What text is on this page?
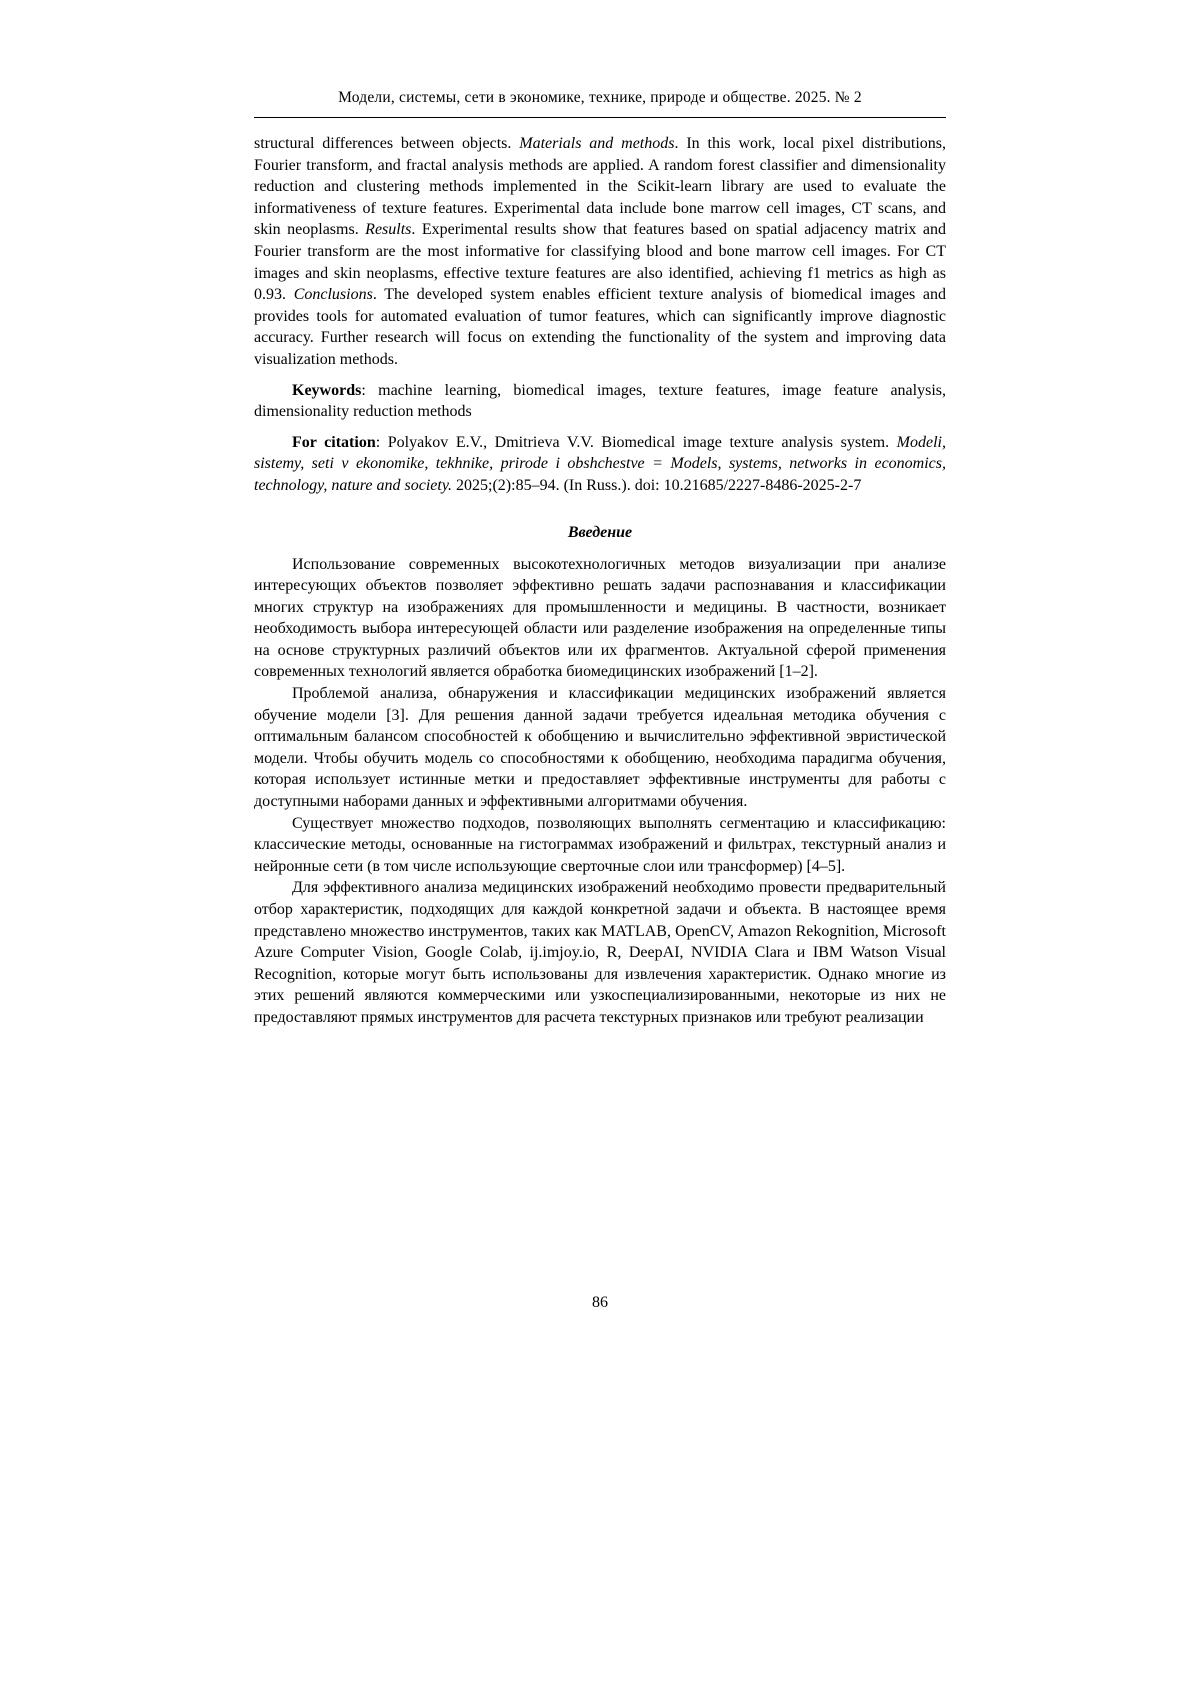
Модели, системы, сети в экономике, технике, природе и обществе. 2025. № 2

structural differences between objects. Materials and methods. In this work, local pixel distributions, Fourier transform, and fractal analysis methods are applied. A random forest classifier and dimensionality reduction and clustering methods implemented in the Scikit-learn library are used to evaluate the informativeness of texture features. Experimental data include bone marrow cell images, CT scans, and skin neoplasms. Results. Experimental results show that features based on spatial adjacency matrix and Fourier transform are the most informative for classifying blood and bone marrow cell images. For CT images and skin neoplasms, effective texture features are also identified, achieving f1 metrics as high as 0.93. Conclusions. The developed system enables efficient texture analysis of biomedical images and provides tools for automated evaluation of tumor features, which can significantly improve diagnostic accuracy. Further research will focus on extending the functionality of the system and improving data visualization methods.

Keywords: machine learning, biomedical images, texture features, image feature analysis, dimensionality reduction methods

For citation: Polyakov E.V., Dmitrieva V.V. Biomedical image texture analysis system. Modeli, sistemy, seti v ekonomike, tekhnike, prirode i obshchestve = Models, systems, networks in economics, technology, nature and society. 2025;(2):85–94. (In Russ.). doi: 10.21685/2227-8486-2025-2-7

Введение

Использование современных высокотехнологичных методов визуализации при анализе интересующих объектов позволяет эффективно решать задачи распознавания и классификации многих структур на изображениях для промышленности и медицины. В частности, возникает необходимость выбора интересующей области или разделение изображения на определенные типы на основе структурных различий объектов или их фрагментов. Актуальной сферой применения современных технологий является обработка биомедицинских изображений [1–2].

Проблемой анализа, обнаружения и классификации медицинских изображений является обучение модели [3]. Для решения данной задачи требуется идеальная методика обучения с оптимальным балансом способностей к обобщению и вычислительно эффективной эвристической модели. Чтобы обучить модель со способностями к обобщению, необходима парадигма обучения, которая использует истинные метки и предоставляет эффективные инструменты для работы с доступными наборами данных и эффективными алгоритмами обучения.

Существует множество подходов, позволяющих выполнять сегментацию и классификацию: классические методы, основанные на гистограммах изображений и фильтрах, текстурный анализ и нейронные сети (в том числе использующие сверточные слои или трансформер) [4–5].

Для эффективного анализа медицинских изображений необходимо провести предварительный отбор характеристик, подходящих для каждой конкретной задачи и объекта. В настоящее время представлено множество инструментов, таких как MATLAB, OpenCV, Amazon Rekognition, Microsoft Azure Computer Vision, Google Colab, ij.imjoy.io, R, DeepAI, NVIDIA Clara и IBM Watson Visual Recognition, которые могут быть использованы для извлечения характеристик. Однако многие из этих решений являются коммерческими или узкоспециализированными, некоторые из них не предоставляют прямых инструментов для расчета текстурных признаков или требуют реализации

86
